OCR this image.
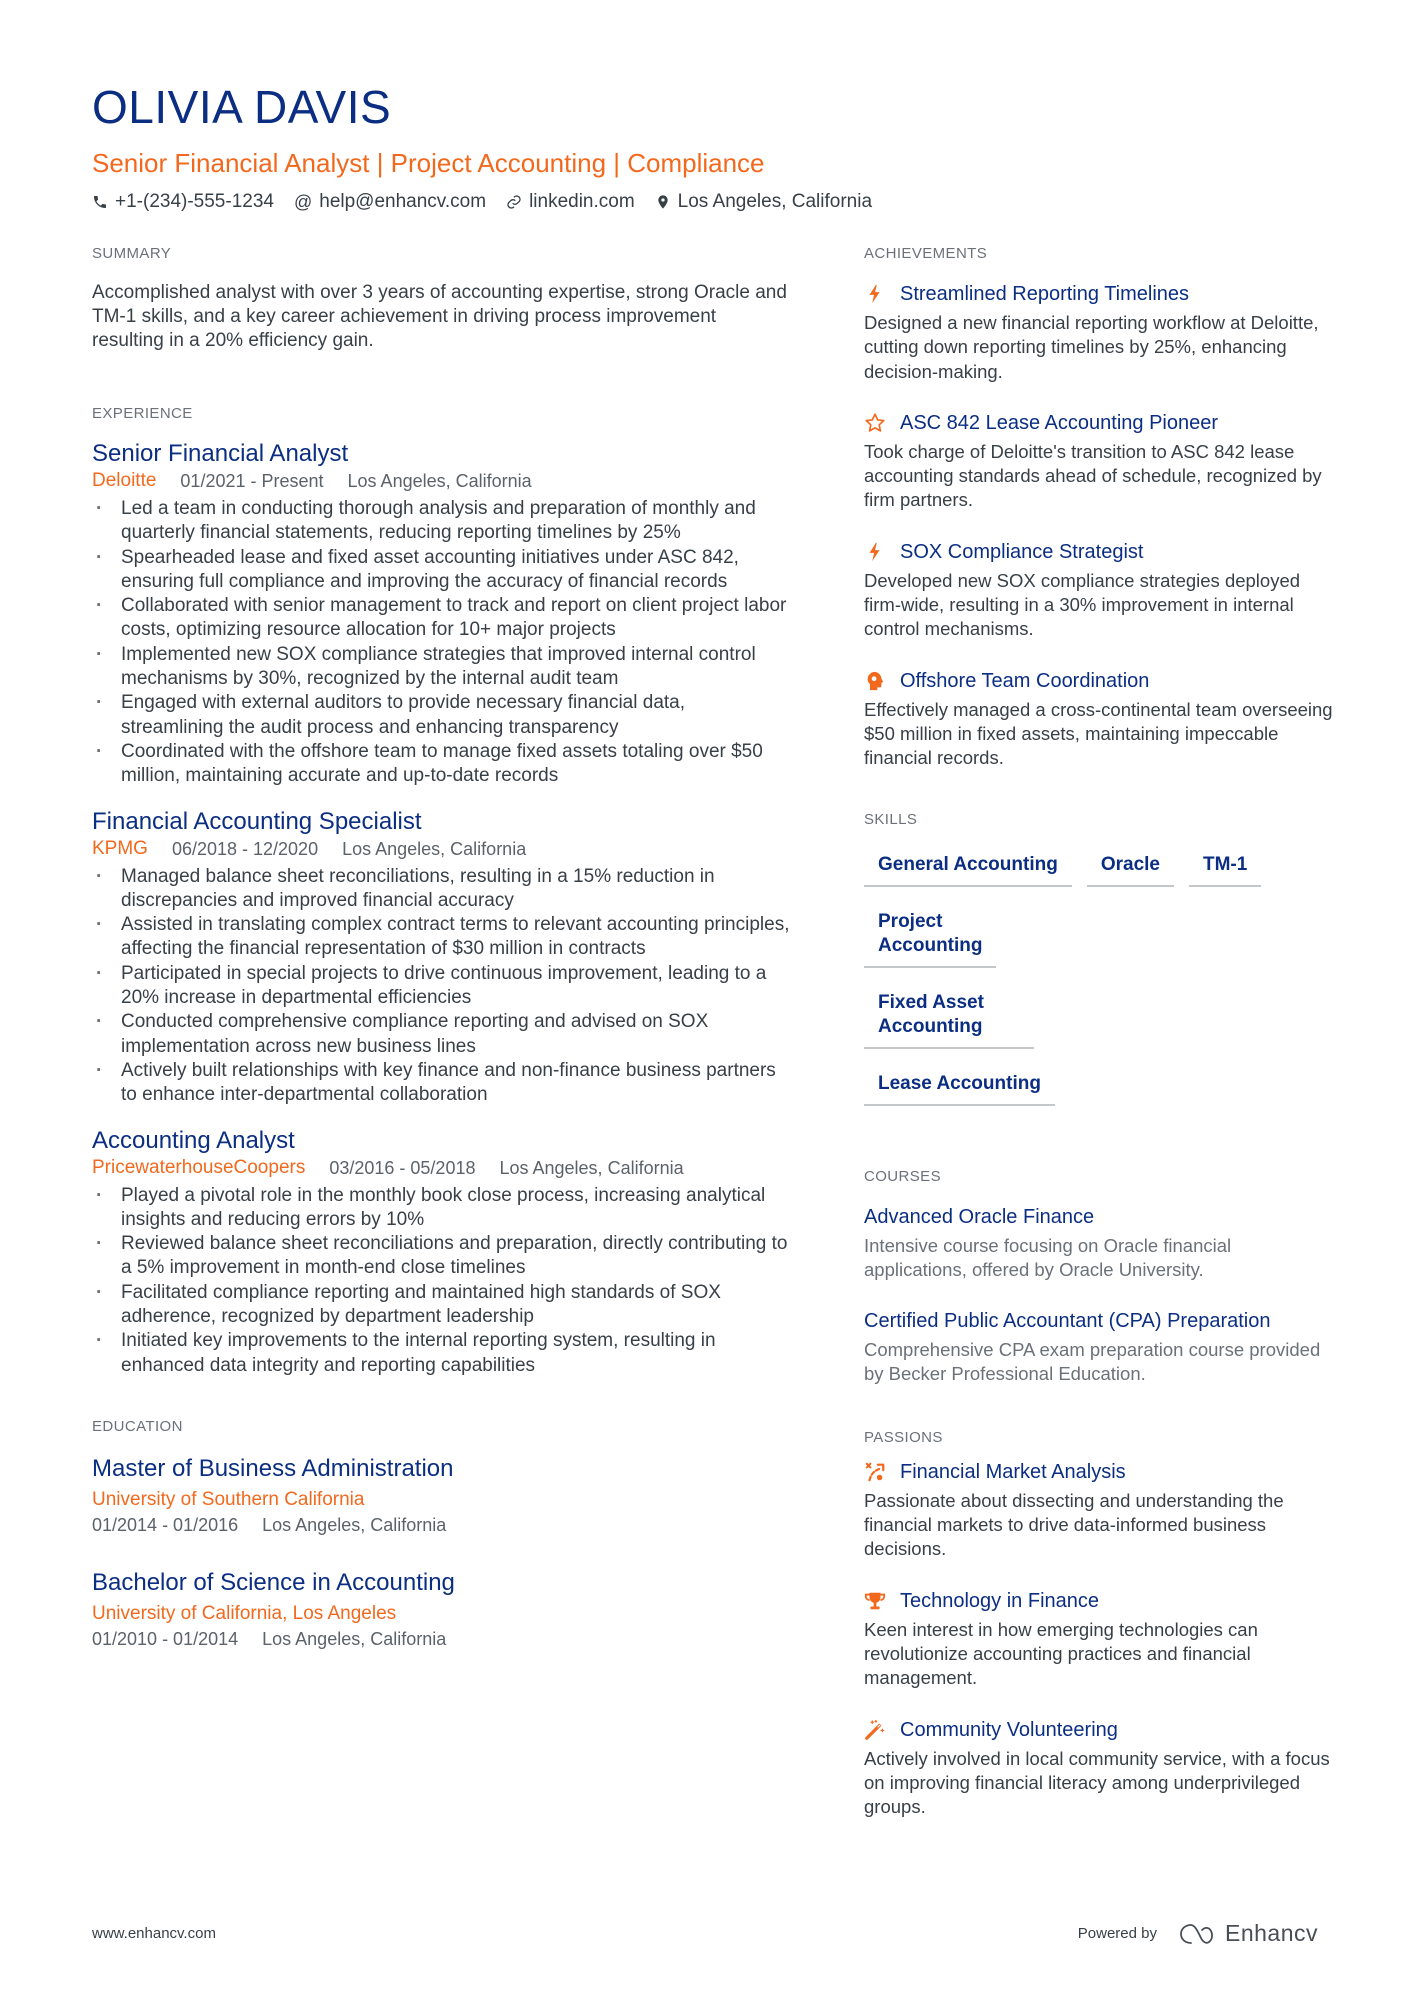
OLIVIA DAVIS
Senior Financial Analyst | Project Accounting | Compliance
+1-(234)-555-1234 @ help@enhancv.com linkedin.com Los Angeles, California
SUMMARY
Accomplished analyst with over 3 years of accounting expertise, strong Oracle and TM-1 skills, and a key career achievement in driving process improvement resulting in a 20% efficiency gain.
EXPERIENCE
Senior Financial Analyst
Deloitte 01/2021 - Present Los Angeles, California
· Led a team in conducting thorough analysis and preparation of monthly and quarterly financial statements, reducing reporting timelines by 25%
· Spearheaded lease and fixed asset accounting initiatives under ASC 842, ensuring full compliance and improving the accuracy of financial records
· Collaborated with senior management to track and report on client project labor costs, optimizing resource allocation for 10+ major projects
· Implemented new SOX compliance strategies that improved internal control mechanisms by 30%, recognized by the internal audit team
· Engaged with external auditors to provide necessary financial data, streamlining the audit process and enhancing transparency
· Coordinated with the offshore team to manage fixed assets totaling over $50 million, maintaining accurate and up-to-date records
Financial Accounting Specialist
KPMG 06/2018 - 12/2020 Los Angeles, California
· Managed balance sheet reconciliations, resulting in a 15% reduction in discrepancies and improved financial accuracy
· Assisted in translating complex contract terms to relevant accounting principles, affecting the financial representation of $30 million in contracts
· Participated in special projects to drive continuous improvement, leading to a 20% increase in departmental efficiencies
· Conducted comprehensive compliance reporting and advised on SOX implementation across new business lines
· Actively built relationships with key finance and non-finance business partners to enhance inter-departmental collaboration
Accounting Analyst
PricewaterhouseCoopers 03/2016 - 05/2018 Los Angeles, California
· Played a pivotal role in the monthly book close process, increasing analytical insights and reducing errors by 10%
· Reviewed balance sheet reconciliations and preparation, directly contributing to a 5% improvement in month-end close timelines
· Facilitated compliance reporting and maintained high standards of SOX adherence, recognized by department leadership
· Initiated key improvements to the internal reporting system, resulting in enhanced data integrity and reporting capabilities
EDUCATION
Master of Business Administration
University of Southern California
01/2014 - 01/2016 Los Angeles, California
Bachelor of Science in Accounting
University of California, Los Angeles
01/2010 - 01/2014 Los Angeles, California
ACHIEVEMENTS
Streamlined Reporting Timelines
Designed a new financial reporting workflow at Deloitte, cutting down reporting timelines by 25%, enhancing decision-making.
ASC 842 Lease Accounting Pioneer
Took charge of Deloitte's transition to ASC 842 lease accounting standards ahead of schedule, recognized by firm partners.
SOX Compliance Strategist
Developed new SOX compliance strategies deployed firm-wide, resulting in a 30% improvement in internal control mechanisms.
Offshore Team Coordination
Effectively managed a cross-continental team overseeing $50 million in fixed assets, maintaining impeccable financial records.
SKILLS
General Accounting	Oracle	TM-1
Project Accounting
Fixed Asset Accounting
Lease Accounting
COURSES
Advanced Oracle Finance
Intensive course focusing on Oracle financial applications, offered by Oracle University.
Certified Public Accountant (CPA) Preparation
Comprehensive CPA exam preparation course provided by Becker Professional Education.
PASSIONS
Financial Market Analysis
Passionate about dissecting and understanding the financial markets to drive data-informed business decisions.
Technology in Finance
Keen interest in how emerging technologies can revolutionize accounting practices and financial management.
Community Volunteering
Actively involved in local community service, with a focus on improving financial literacy among underprivileged groups.
www.enhancv.com	Powered by	Enhancv
